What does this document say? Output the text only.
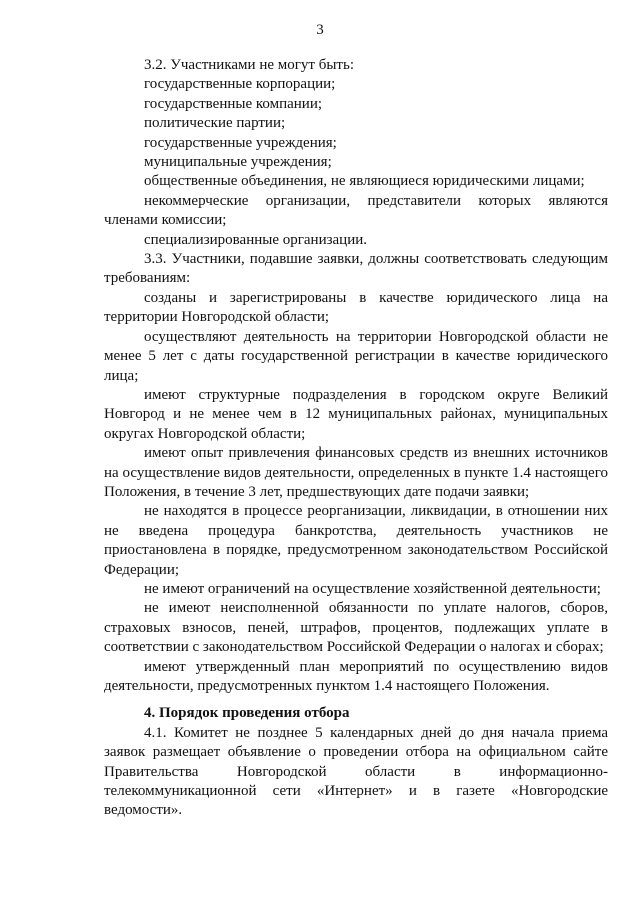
3

3.2. Участниками не могут быть:

государственные корпорации;

государственные компании;

политические партии;

государственные учреждения;

муниципальные учреждения;

общественные объединения, не являющиеся юридическими лицами;

некоммерческие организации, представители которых являются членами комиссии;

специализированные организации.

3.3. Участники, подавшие заявки, должны соответствовать следующим требованиям:

созданы и зарегистрированы в качестве юридического лица на территории Новгородской области;

осуществляют деятельность на территории Новгородской области не менее 5 лет с даты государственной регистрации в качестве юридического лица;

имеют структурные подразделения в городском округе Великий Новгород и не менее чем в 12 муниципальных районах, муниципальных округах Новгородской области;

имеют опыт привлечения финансовых средств из внешних источников на осуществление видов деятельности, определенных в пункте 1.4 настоящего Положения, в течение 3 лет, предшествующих дате подачи заявки;

не находятся в процессе реорганизации, ликвидации, в отношении них не введена процедура банкротства, деятельность участников не приостановлена в порядке, предусмотренном законодательством Российской Федерации;

не имеют ограничений на осуществление хозяйственной деятельности;

не имеют неисполненной обязанности по уплате налогов, сборов, страховых взносов, пеней, штрафов, процентов, подлежащих уплате в соответствии с законодательством Российской Федерации о налогах и сборах;

имеют утвержденный план мероприятий по осуществлению видов деятельности, предусмотренных пунктом 1.4 настоящего Положения.

4. Порядок проведения отбора

4.1. Комитет не позднее 5 календарных дней до дня начала приема заявок размещает объявление о проведении отбора на официальном сайте Правительства Новгородской области в информационно-телекоммуникационной сети «Интернет» и в газете «Новгородские ведомости».
